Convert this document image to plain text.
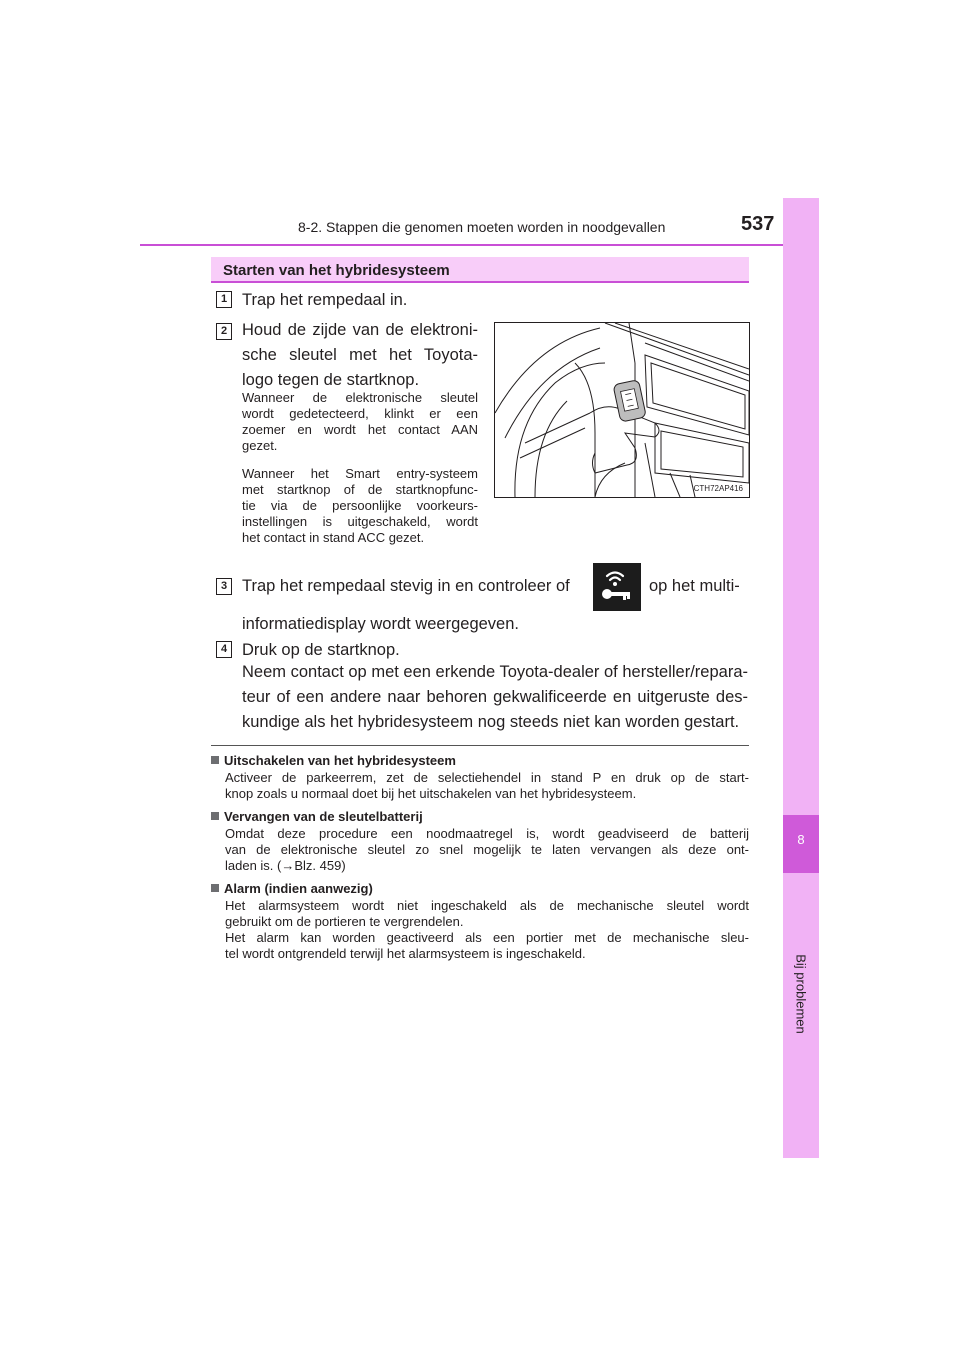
8-2. Stappen die genomen moeten worden in noodgevallen	537
8
Bij problemen
Starten van het hybridesysteem
1 Trap het rempedaal in.
2 Houd de zijde van de elektroni-
sche sleutel met het Toyota-
logo tegen de startknop.
Wanneer de elektronische sleutel
wordt gedetecteerd, klinkt er een
zoemer en wordt het contact AAN
gezet.
Wanneer het Smart entry-systeem
met startknop of de startknopfunc-
tie via de persoonlijke voorkeurs-
instellingen is uitgeschakeld, wordt
het contact in stand ACC gezet.
CTH72AP416
3 Trap het rempedaal stevig in en controleer of	op het multi-
informatiedisplay wordt weergegeven.
4 Druk op de startknop.
Neem contact op met een erkende Toyota-dealer of hersteller/repara-
teur of een andere naar behoren gekwalificeerde en uitgeruste des-
kundige als het hybridesysteem nog steeds niet kan worden gestart.
Uitschakelen van het hybridesysteem
Activeer de parkeerrem, zet de selectiehendel in stand P en druk op de start-
knop zoals u normaal doet bij het uitschakelen van het hybridesysteem.
Vervangen van de sleutelbatterij
Omdat deze procedure een noodmaatregel is, wordt geadviseerd de batterij
van de elektronische sleutel zo snel mogelijk te laten vervangen als deze ont-
laden is. (→Blz. 459)
Alarm (indien aanwezig)
Het alarmsysteem wordt niet ingeschakeld als de mechanische sleutel wordt
gebruikt om de portieren te vergrendelen.
Het alarm kan worden geactiveerd als een portier met de mechanische sleu-
tel wordt ontgrendeld terwijl het alarmsysteem is ingeschakeld.
